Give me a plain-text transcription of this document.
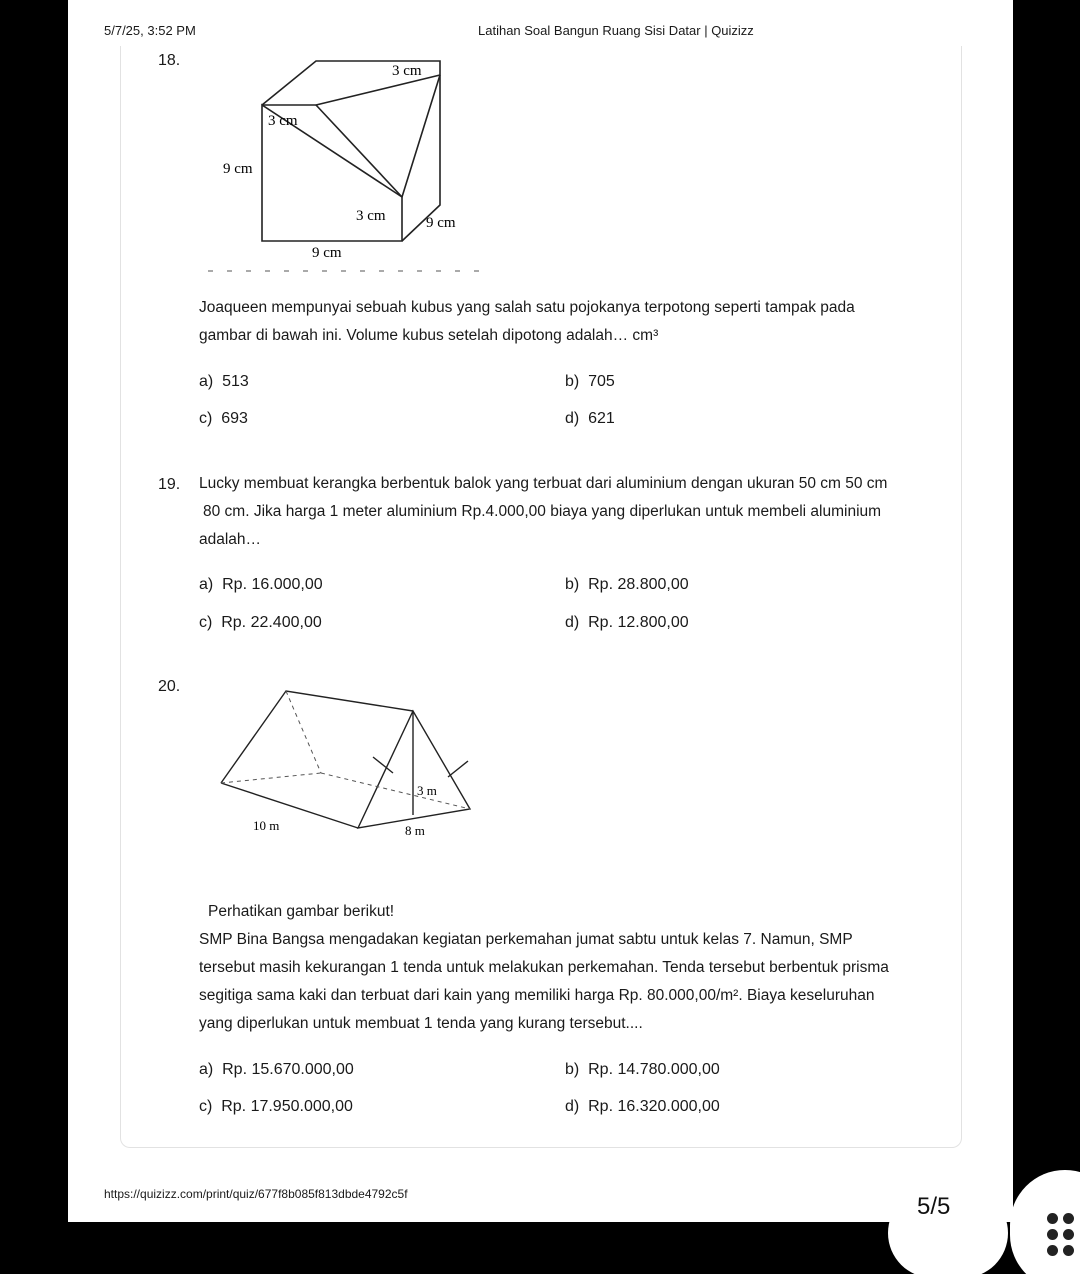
5/7/25, 3:52 PM	Latihan Soal Bangun Ruang Sisi Datar | Quizizz
18.
3 cm
3 cm
9 cm
3 cm	9 cm
9 cm
Joaqueen mempunyai sebuah kubus yang salah satu pojokanya terpotong seperti tampak pada
gambar di bawah ini. Volume kubus setelah dipotong adalah… cm³
a) 513	b) 705
c) 693	d) 621
19. Lucky membuat kerangka berbentuk balok yang terbuat dari aluminium dengan ukuran 50 cm 50 cm
80 cm. Jika harga 1 meter aluminium Rp.4.000,00 biaya yang diperlukan untuk membeli aluminium
adalah…
a) Rp. 16.000,00	b) Rp. 28.800,00
c) Rp. 22.400,00	d) Rp. 12.800,00
20.
3 m
10 m	8 m
Perhatikan gambar berikut!
SMP Bina Bangsa mengadakan kegiatan perkemahan jumat sabtu untuk kelas 7. Namun, SMP
tersebut masih kekurangan 1 tenda untuk melakukan perkemahan. Tenda tersebut berbentuk prisma
segitiga sama kaki dan terbuat dari kain yang memiliki harga Rp. 80.000,00/m². Biaya keseluruhan
yang diperlukan untuk membuat 1 tenda yang kurang tersebut....
a) Rp. 15.670.000,00	b) Rp. 14.780.000,00
c) Rp. 17.950.000,00	d) Rp. 16.320.000,00
https://quizizz.com/print/quiz/677f8b085f813dbde4792c5f	5/5
